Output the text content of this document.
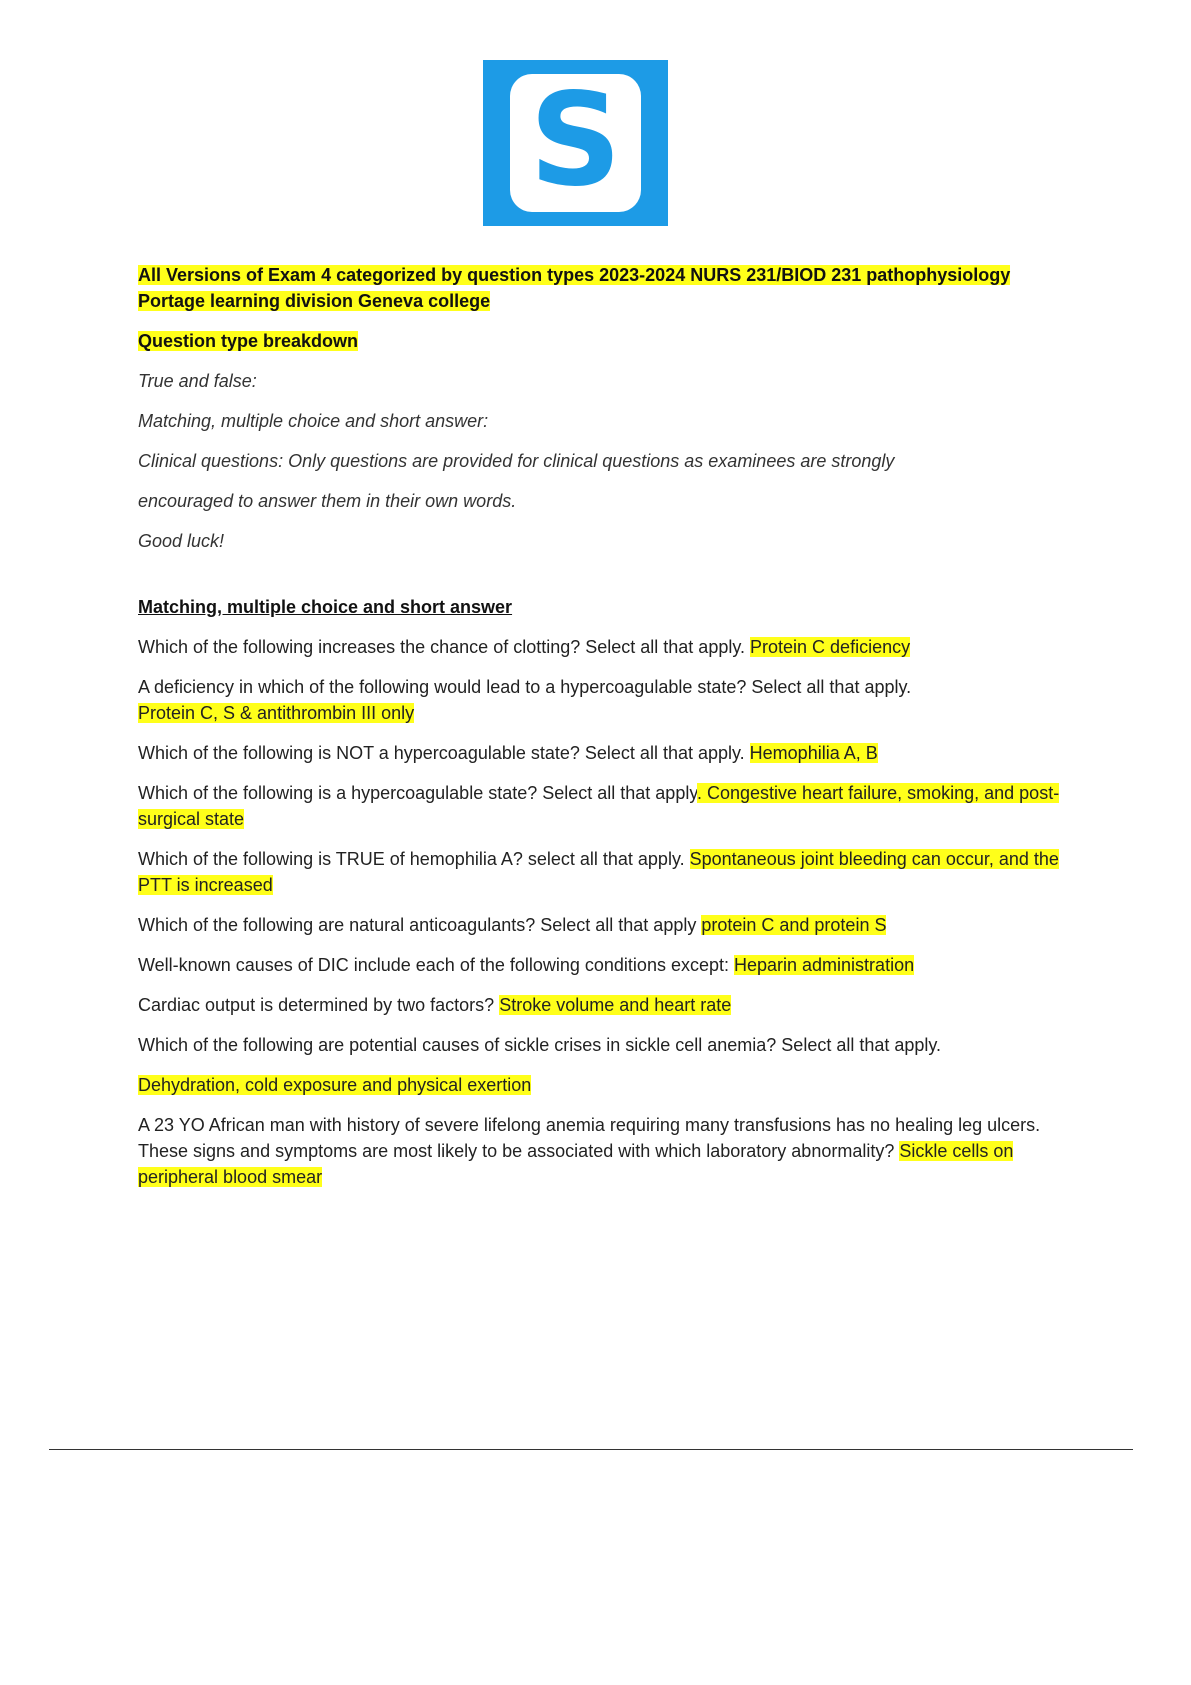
S

All Versions of Exam 4 categorized by question types 2023-2024 NURS 231/BIOD 231 pathophysiology
Portage learning division Geneva college

Question type breakdown

True and false:

Matching, multiple choice and short answer:

Clinical questions: Only questions are provided for clinical questions as examinees are strongly

encouraged to answer them in their own words.

Good luck!

Matching, multiple choice and short answer

Which of the following increases the chance of clotting? Select all that apply. Protein C deficiency

A deficiency in which of the following would lead to a hypercoagulable state? Select all that apply.
Protein C, S & antithrombin III only

Which of the following is NOT a hypercoagulable state? Select all that apply. Hemophilia A, B

Which of the following is a hypercoagulable state? Select all that apply. Congestive heart failure, smoking, and post-surgical state

Which of the following is TRUE of hemophilia A? select all that apply. Spontaneous joint bleeding can occur, and the PTT is increased

Which of the following are natural anticoagulants? Select all that apply protein C and protein S

Well-known causes of DIC include each of the following conditions except: Heparin administration

Cardiac output is determined by two factors? Stroke volume and heart rate

Which of the following are potential causes of sickle crises in sickle cell anemia? Select all that apply.

Dehydration, cold exposure and physical exertion

A 23 YO African man with history of severe lifelong anemia requiring many transfusions has no healing leg ulcers. These signs and symptoms are most likely to be associated with which laboratory abnormality? Sickle cells on peripheral blood smear
